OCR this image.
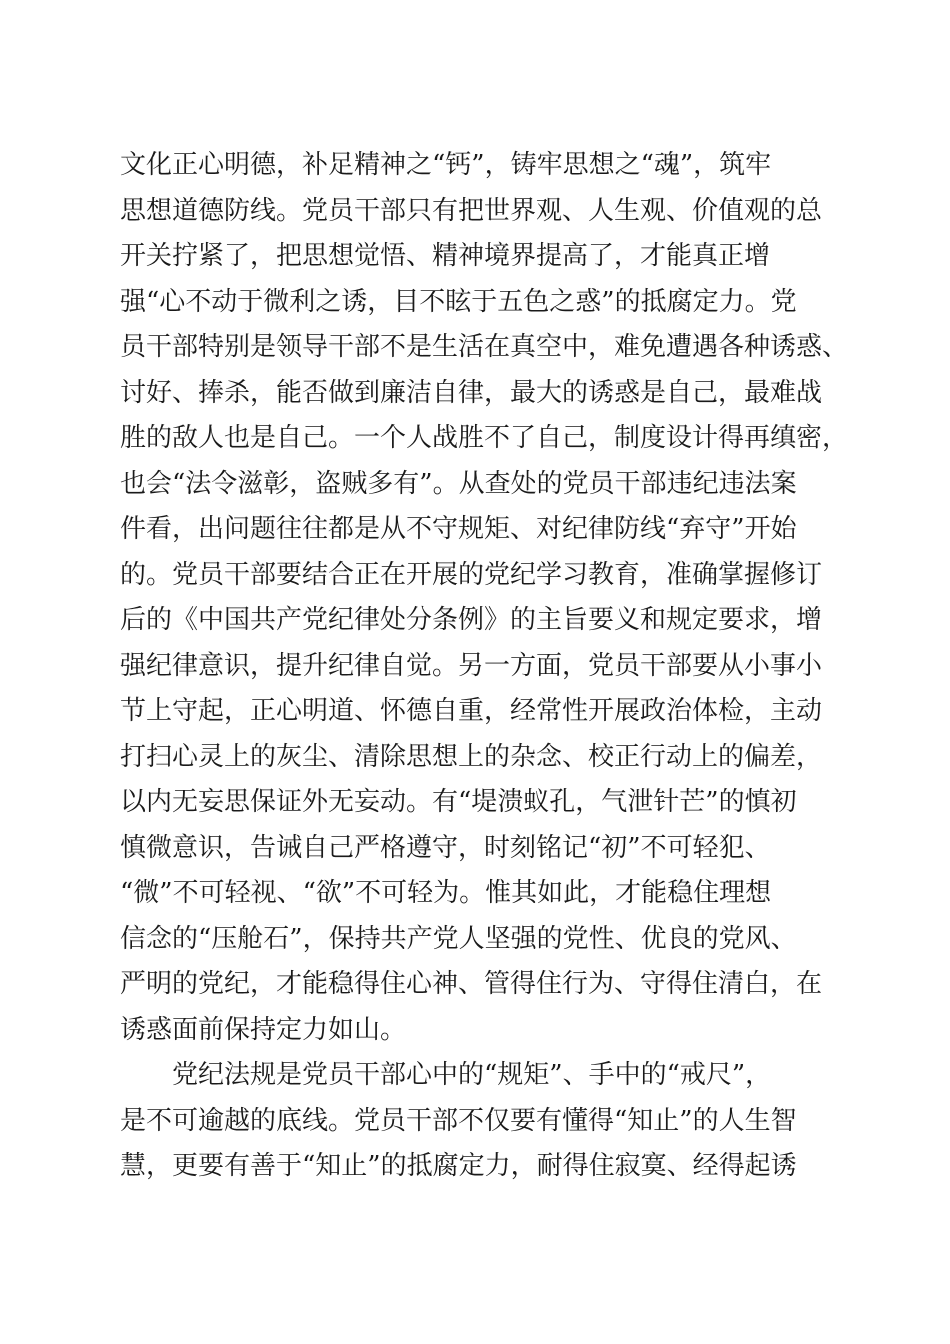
文化正心明德，补足精神之“钙”，铸牢思想之“魂”，筑牢
思想道德防线。党员干部只有把世界观、人生观、价值观的总
开关拧紧了，把思想觉悟、精神境界提高了，才能真正增
强“心不动于微利之诱，目不眩于五色之惑”的抵腐定力。党
员干部特别是领导干部不是生活在真空中，难免遭遇各种诱惑、
讨好、捧杀，能否做到廉洁自律，最大的诱惑是自己，最难战
胜的敌人也是自己。一个人战胜不了自己，制度设计得再缜密，
也会“法令滋彰，盗贼多有”。从查处的党员干部违纪违法案
件看，出问题往往都是从不守规矩、对纪律防线“弃守”开始
的。党员干部要结合正在开展的党纪学习教育，准确掌握修订
后的《中国共产党纪律处分条例》的主旨要义和规定要求，增
强纪律意识，提升纪律自觉。另一方面，党员干部要从小事小
节上守起，正心明道、怀德自重，经常性开展政治体检，主动
打扫心灵上的灰尘、清除思想上的杂念、校正行动上的偏差，
以内无妄思保证外无妄动。有“堤溃蚁孔，气泄针芒”的慎初
慎微意识，告诫自己严格遵守，时刻铭记“初”不可轻犯、
“微”不可轻视、“欲”不可轻为。惟其如此，才能稳住理想
信念的“压舱石”，保持共产党人坚强的党性、优良的党风、
严明的党纪，才能稳得住心神、管得住行为、守得住清白，在
诱惑面前保持定力如山。
党纪法规是党员干部心中的“规矩”、手中的“戒尺”，
是不可逾越的底线。党员干部不仅要有懂得“知止”的人生智
慧，更要有善于“知止”的抵腐定力，耐得住寂寞、经得起诱
